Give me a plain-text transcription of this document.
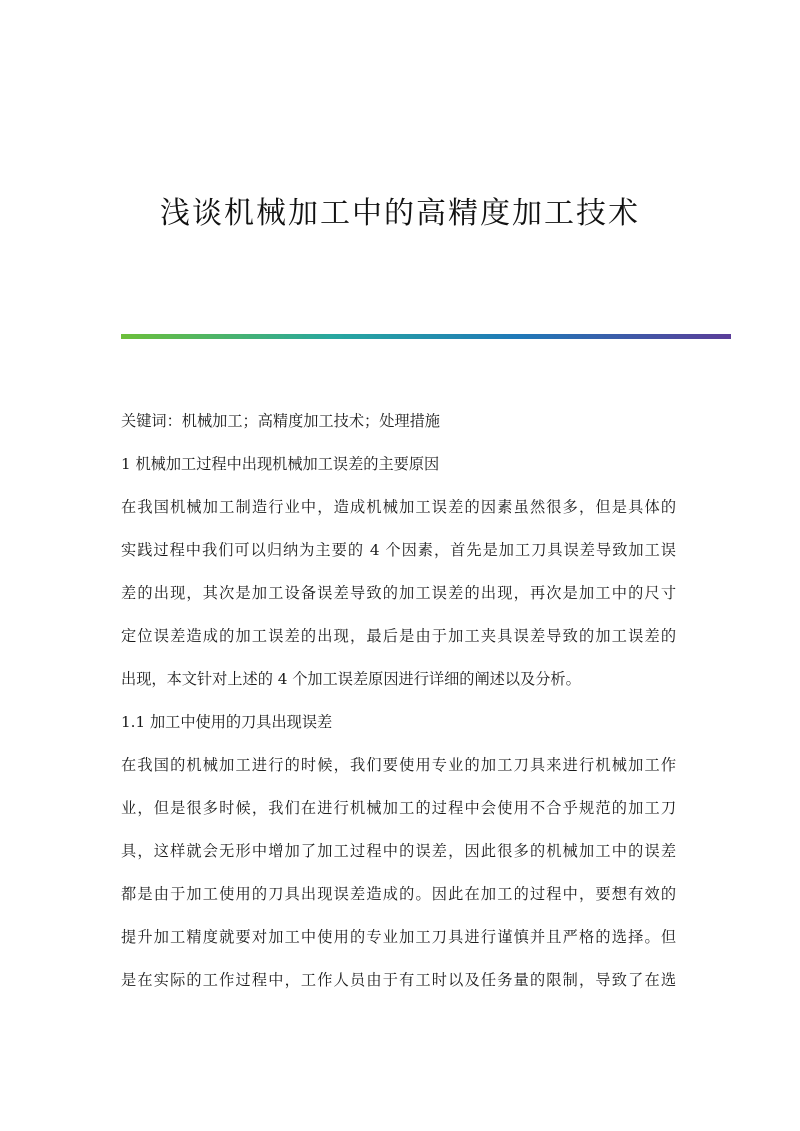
浅谈机械加工中的高精度加工技术
关键词：机械加工；高精度加工技术；处理措施
1 机械加工过程中出现机械加工误差的主要原因
在我国机械加工制造行业中，造成机械加工误差的因素虽然很多，但是具体的
实践过程中我们可以归纳为主要的 4 个因素，首先是加工刀具误差导致加工误
差的出现，其次是加工设备误差导致的加工误差的出现，再次是加工中的尺寸
定位误差造成的加工误差的出现，最后是由于加工夹具误差导致的加工误差的
出现，本文针对上述的 4 个加工误差原因进行详细的阐述以及分析。
1.1 加工中使用的刀具出现误差
在我国的机械加工进行的时候，我们要使用专业的加工刀具来进行机械加工作
业，但是很多时候，我们在进行机械加工的过程中会使用不合乎规范的加工刀
具，这样就会无形中增加了加工过程中的误差，因此很多的机械加工中的误差
都是由于加工使用的刀具出现误差造成的。因此在加工的过程中，要想有效的
提升加工精度就要对加工中使用的专业加工刀具进行谨慎并且严格的选择。但
是在实际的工作过程中，工作人员由于有工时以及任务量的限制，导致了在选
